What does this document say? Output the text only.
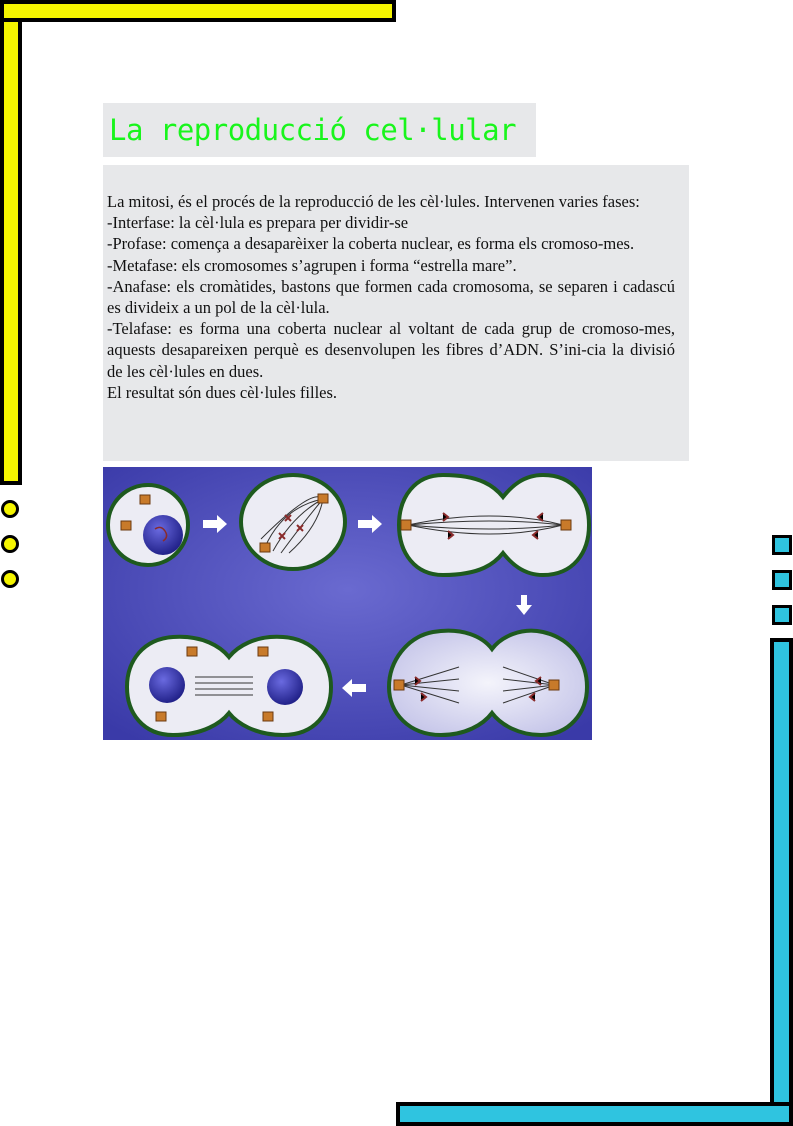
La reproducció cel·lular
La mitosi, és el procés de la reproducció de les cèl·lules. Intervenen varies fases:
-Interfase: la cèl·lula es prepara per dividir-se
-Profase: comença a desaparèixer la coberta nuclear, es forma els cromoso-mes.
-Metafase: els cromosomes s’agrupen i forma “estrella mare”.
-Anafase: els cromàtides, bastons que formen cada cromosoma, se separen i cadascú es divideix a un pol de la cèl·lula.
-Telafase: es forma una coberta nuclear al voltant de cada grup de cromoso-mes, aquests desapareixen perquè es desenvolupen les fibres d’ADN. S’ini-cia la divisió de les cèl·lules en dues.
El resultat són dues cèl·lules filles.
